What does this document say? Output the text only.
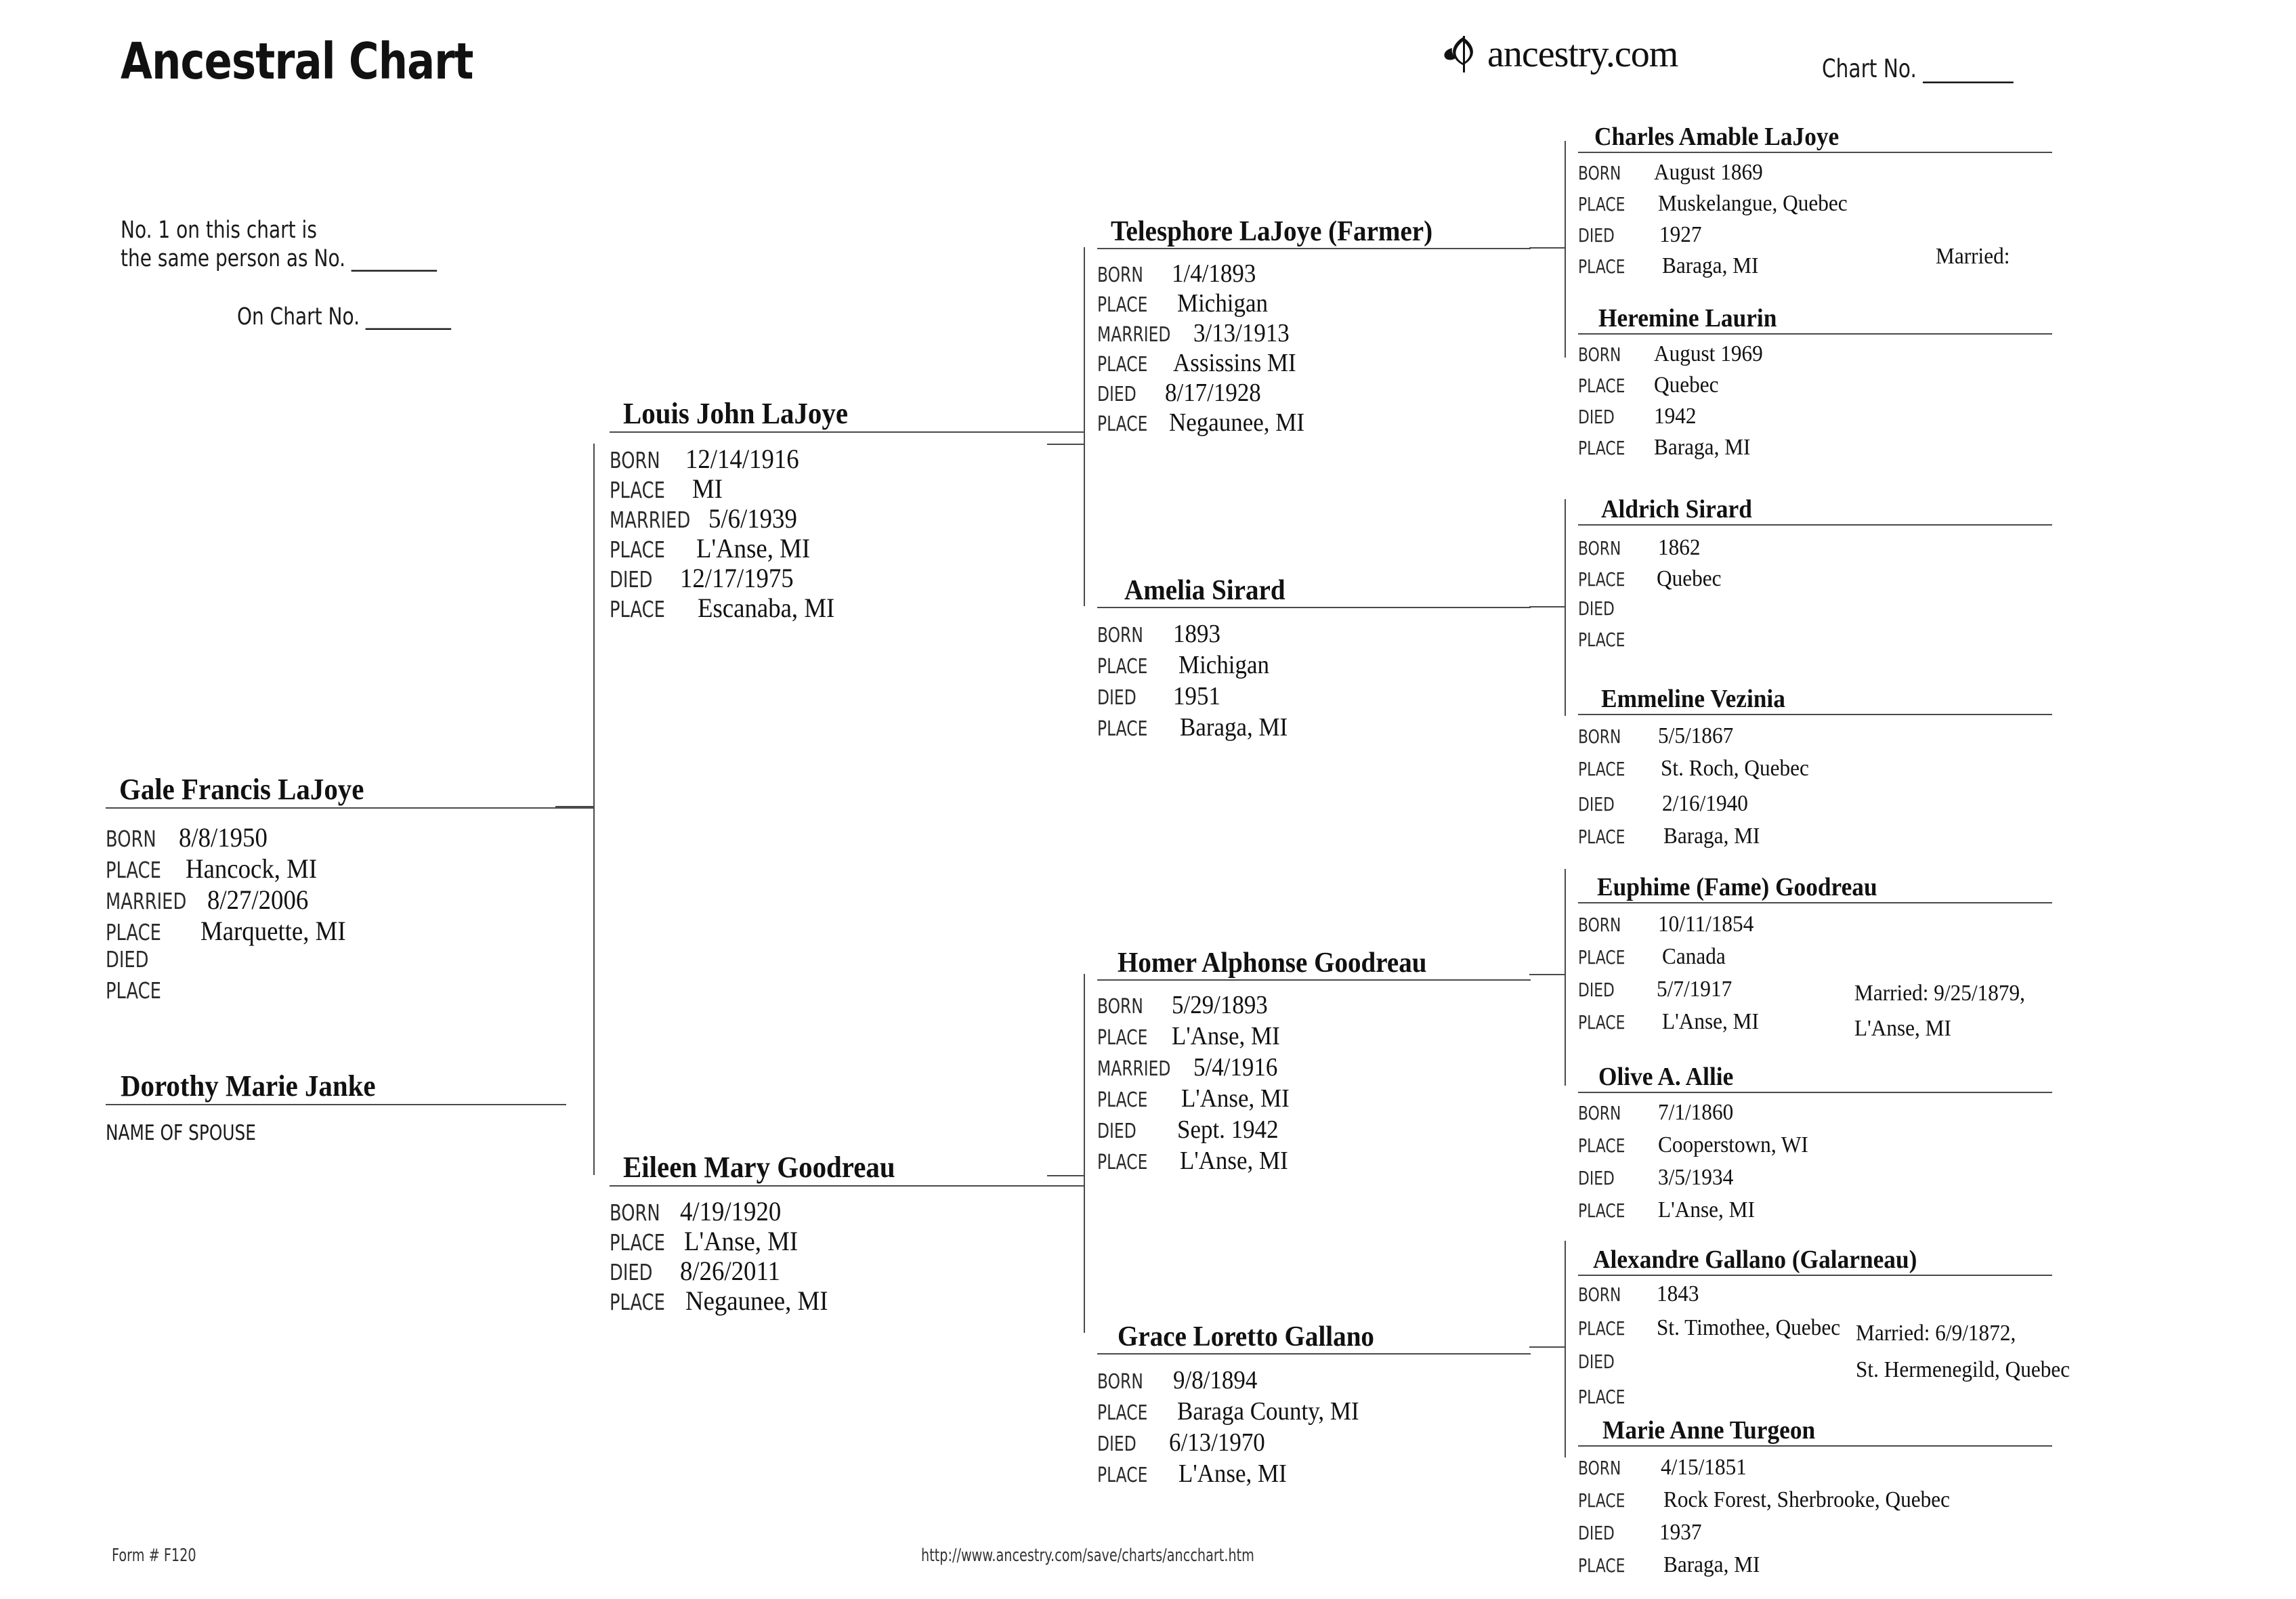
Ancestral Chart	ancestry.com	Chart No. _________
No. 1 on this chart is
the same person as No. _________
On Chart No. _________
Gale Francis LaJoye
BORN 8/8/1950
PLACE Hancock, MI
MARRIED 8/27/2006
PLACE	Marquette, MI
DIED
PLACE
Dorothy Marie Janke
NAME OF SPOUSE
Louis John LaJoye
BORN 12/14/1916
PLACE	MI
MARRIED 5/6/1939
PLACE	L'Anse, MI
DIED	12/17/1975
PLACE	Escanaba, MI
Eileen Mary Goodreau
BORN 4/19/1920
PLACE L'Anse, MI
DIED	8/26/2011
PLACE Negaunee, MI
Telesphore LaJoye (Farmer)
BORN	1/4/1893
PLACE	Michigan
MARRIED 3/13/1913
PLACE Assissins MI
DIED	8/17/1928
PLACE Negaunee, MI
Amelia Sirard
BORN	1893
PLACE	Michigan
DIED	1951
PLACE	Baraga, MI
Homer Alphonse Goodreau
BORN	5/29/1893
PLACE L'Anse, MI
MARRIED 5/4/1916
PLACE	L'Anse, MI
DIED	Sept. 1942
PLACE	L'Anse, MI
Grace Loretto Gallano
BORN	9/8/1894
PLACE	Baraga County, MI
DIED	6/13/1970
PLACE	L'Anse, MI
Charles Amable LaJoye
BORN	August 1869
PLACE	Muskelangue, Quebec
DIED	1927
PLACE	Baraga, MI	Married:
Heremine Laurin
BORN	August 1969
PLACE	Quebec
DIED	1942
PLACE	Baraga, MI
Aldrich Sirard
BORN	1862
PLACE	Quebec
DIED
PLACE
Emmeline Vezinia
BORN	5/5/1867
PLACE	St. Roch, Quebec
DIED	2/16/1940
PLACE	Baraga, MI
Euphime (Fame) Goodreau
BORN	10/11/1854
PLACE	Canada
DIED	5/7/1917
PLACE	L'Anse, MI
Married: 9/25/1879,
L'Anse, MI
Olive A. Allie
BORN	7/1/1860
PLACE	Cooperstown, WI
DIED	3/5/1934
PLACE	L'Anse, MI
Alexandre Gallano (Galarneau)
BORN	1843
PLACE	St. Timothee, Quebec
DIED
PLACE
Married: 6/9/1872,
St. Hermenegild, Quebec
Marie Anne Turgeon
BORN	4/15/1851
PLACE	Rock Forest, Sherbrooke, Quebec
DIED	1937
PLACE	Baraga, MI
Form # F120	http://www.ancestry.com/save/charts/ancchart.htm
